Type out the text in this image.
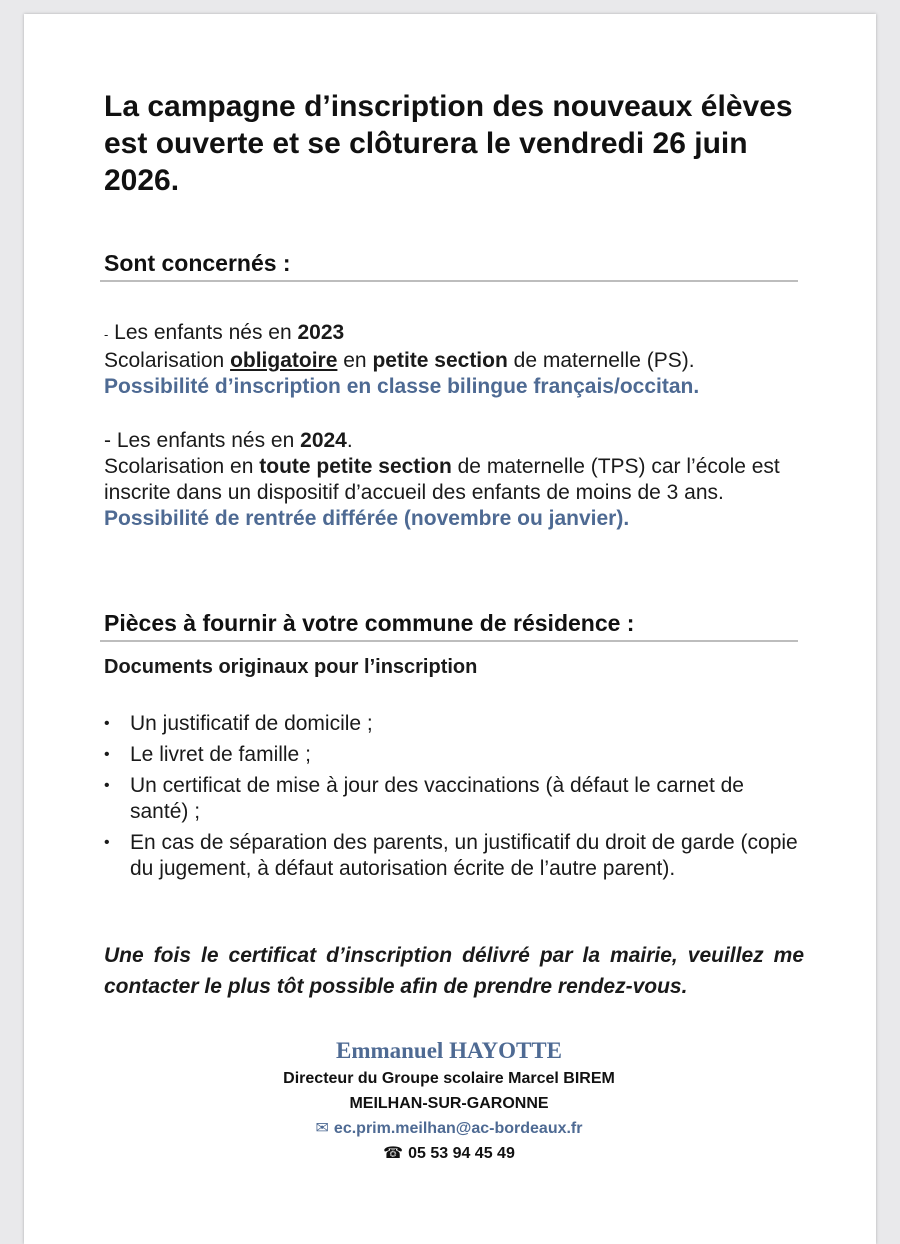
La campagne d’inscription des nouveaux élèves est ouverte et se clôturera le vendredi 26 juin 2026.
Sont concernés :

- Les enfants nés en 2023

Scolarisation obligatoire en petite section de maternelle (PS).

Possibilité d’inscription en classe bilingue français/occitan.

- Les enfants nés en 2024.

Scolarisation en toute petite section de maternelle (TPS) car l’école est inscrite dans un dispositif d’accueil des enfants de moins de 3 ans.

Possibilité de rentrée différée (novembre ou janvier).

Pièces à fournir à votre commune de résidence :
Documents originaux pour l’inscription
• Un justificatif de domicile ;
• Le livret de famille ;
• Un certificat de mise à jour des vaccinations (à défaut le carnet de santé) ;
• En cas de séparation des parents, un justificatif du droit de garde (copie du jugement, à défaut autorisation écrite de l’autre parent).

Une fois le certificat d’inscription délivré par la mairie, veuillez me contacter le plus tôt possible afin de prendre rendez-vous.

Emmanuel HAYOTTE

Directeur du Groupe scolaire Marcel BIREM

MEILHAN-SUR-GARONNE

✉ ec.prim.meilhan@ac-bordeaux.fr

☎ 05 53 94 45 49
